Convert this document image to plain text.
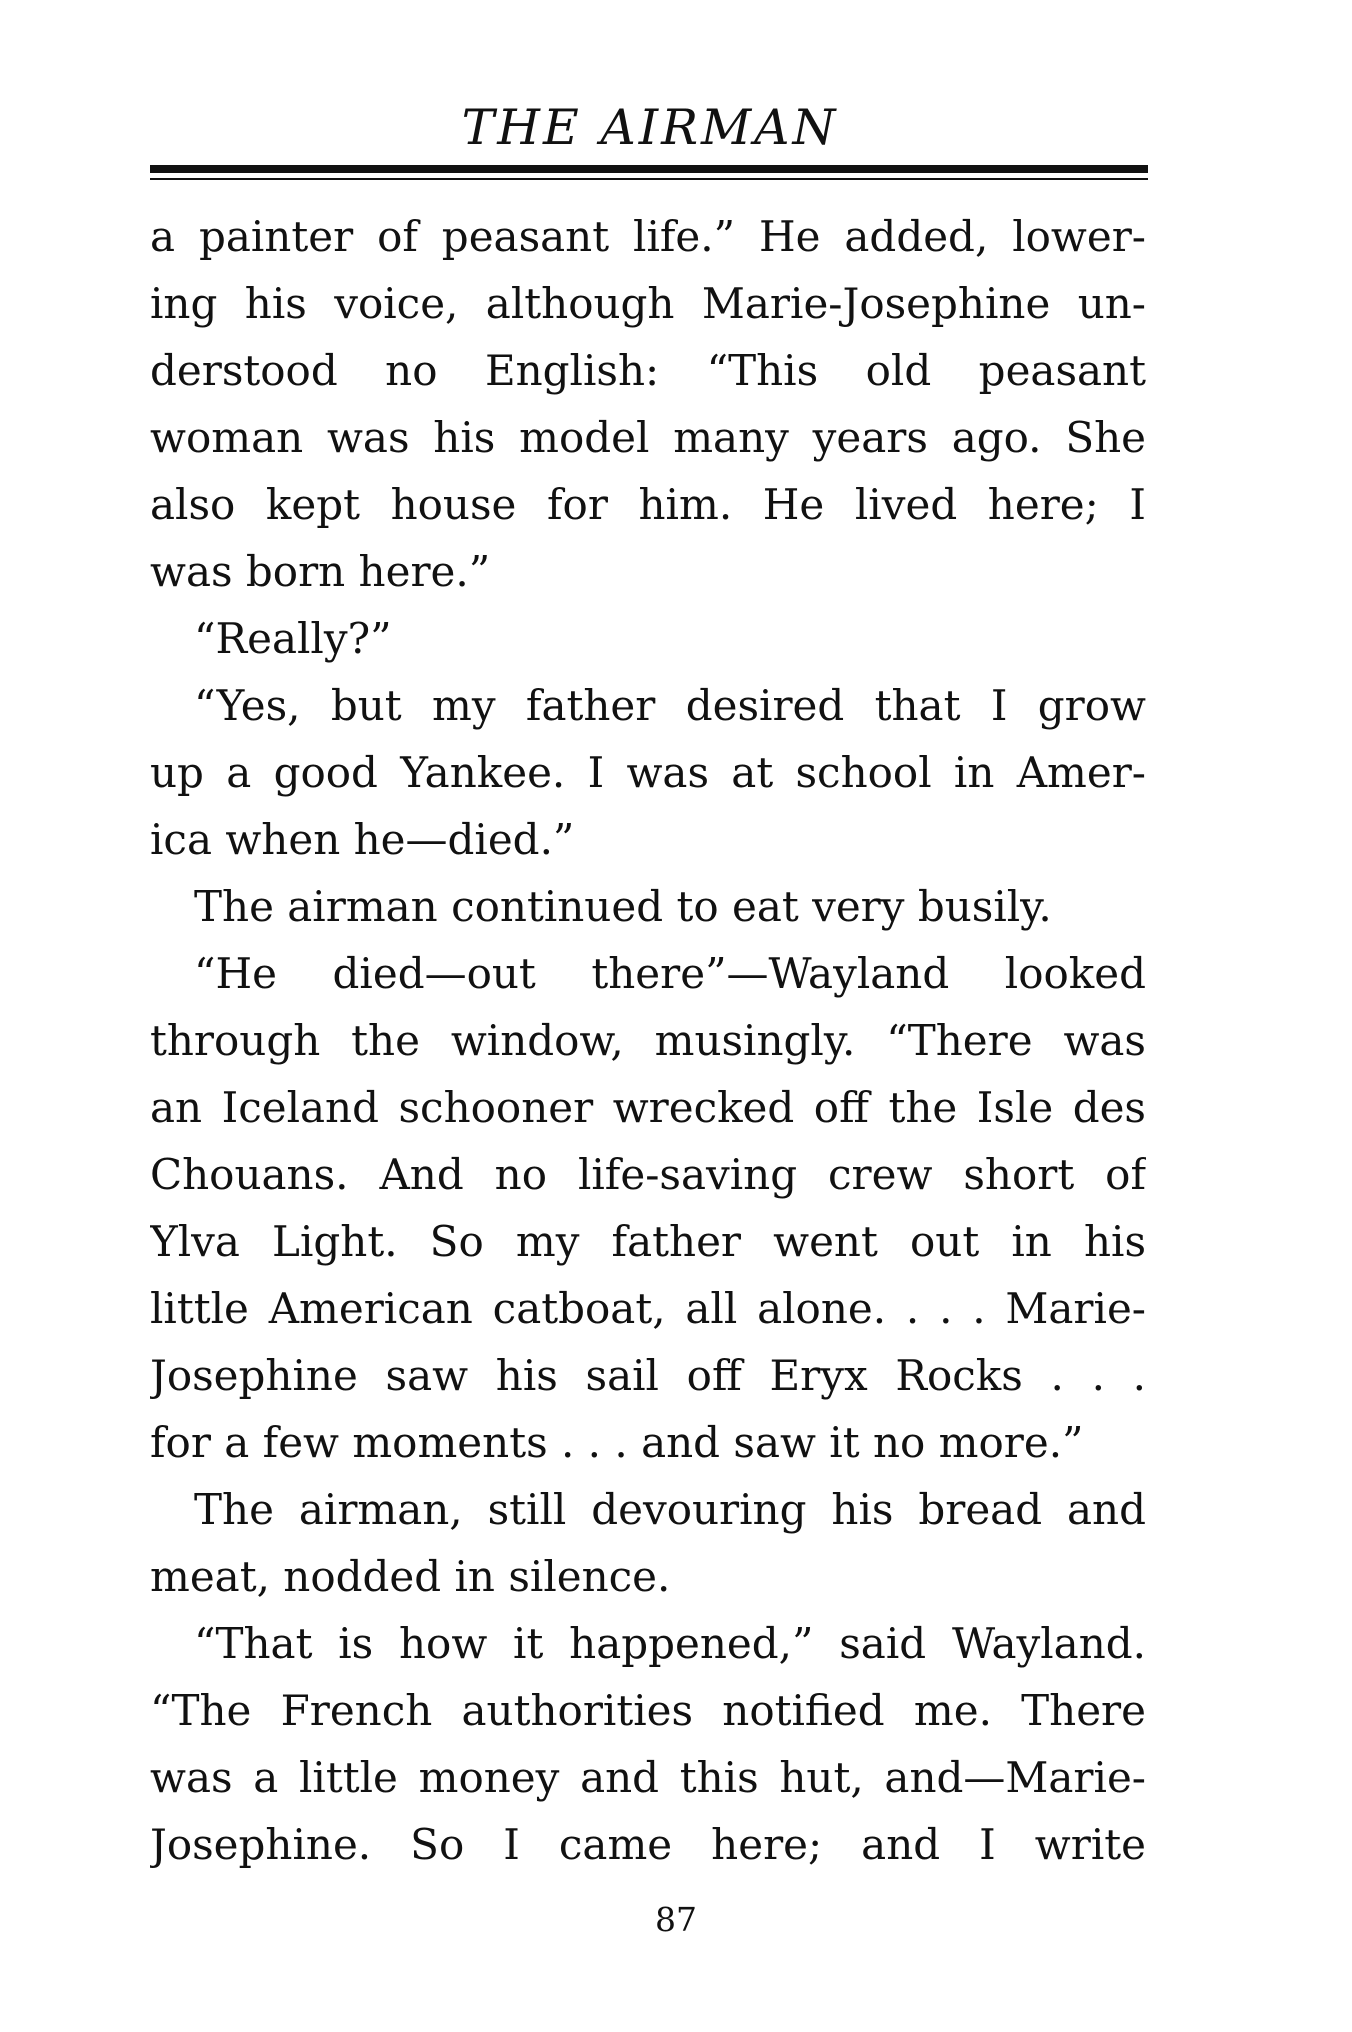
THE AIRMAN
a painter of peasant life.” He added, lower-
ing his voice, although Marie-Josephine un-
derstood no English: “This old peasant
woman was his model many years ago. She
also kept house for him. He lived here; I
was born here.”
“Really?”
“Yes, but my father desired that I grow
up a good Yankee. I was at school in Amer-
ica when he—died.”
The airman continued to eat very busily.
“He died—out there”—Wayland looked
through the window, musingly. “There was
an Iceland schooner wrecked off the Isle des
Chouans. And no life-saving crew short of
Ylva Light. So my father went out in his
little American catboat, all alone. . . . Marie-
Josephine saw his sail off Eryx Rocks . . .
for a few moments . . . and saw it no more.”
The airman, still devouring his bread and
meat, nodded in silence.
“That is how it happened,” said Wayland.
“The French authorities notified me. There
was a little money and this hut, and—Marie-
Josephine. So I came here; and I write
87
